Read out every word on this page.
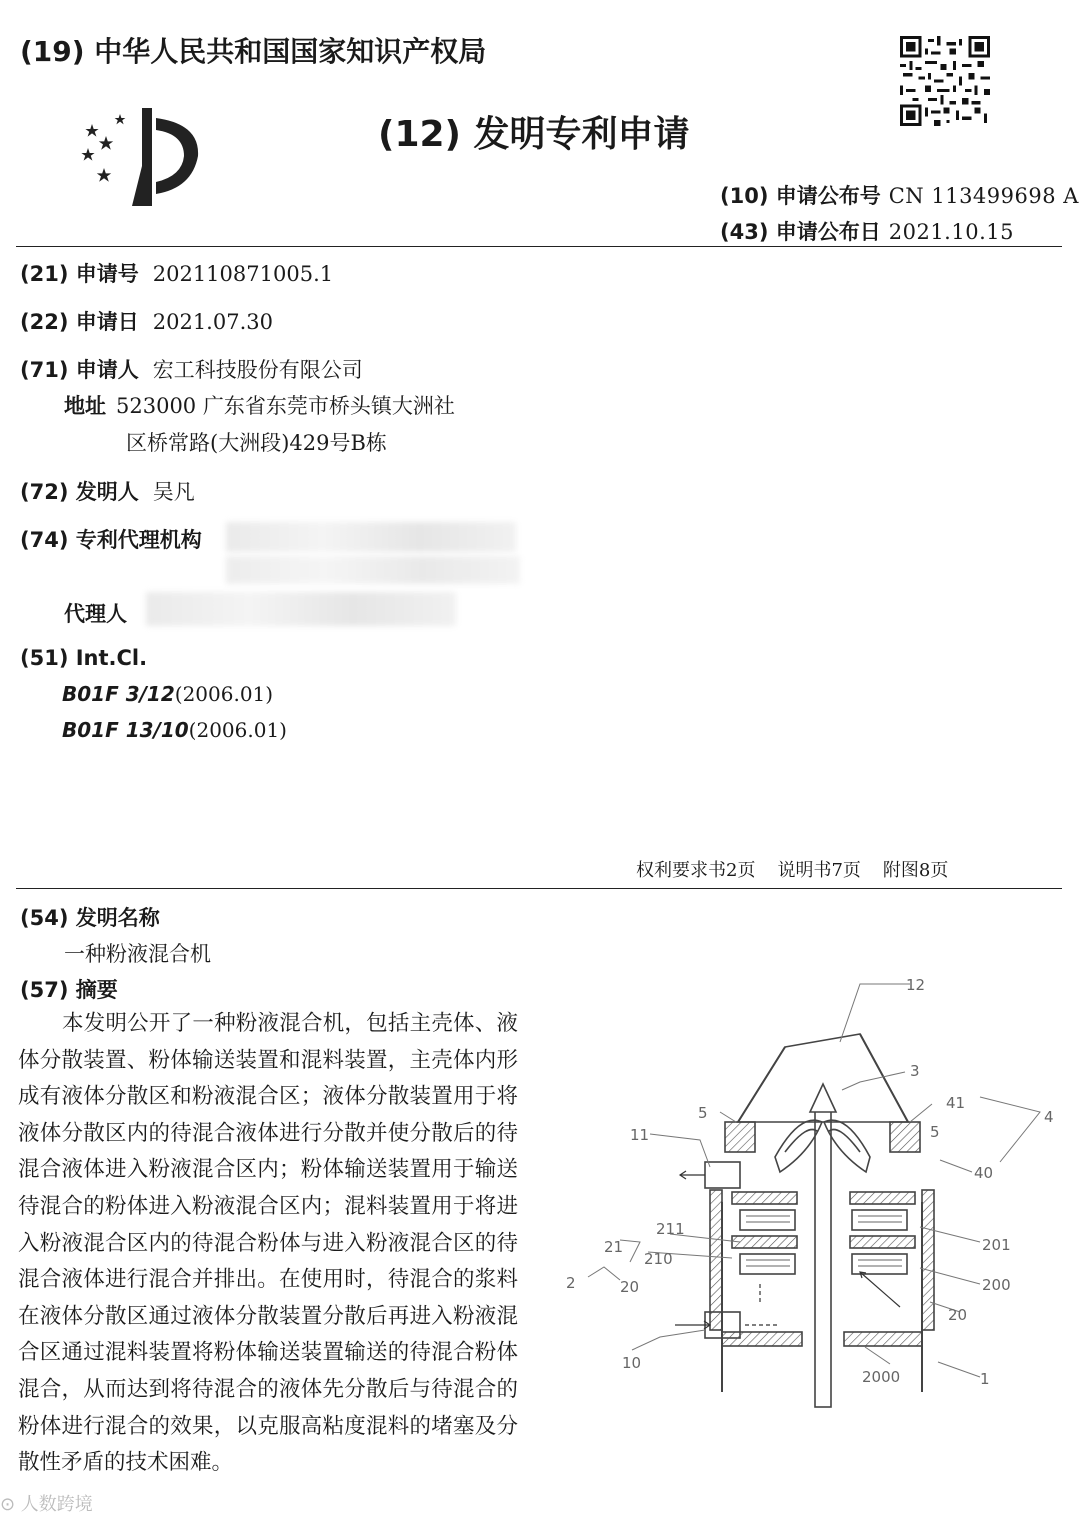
(19) 中华人民共和国国家知识产权局
(12) 发明专利申请
(10) 申请公布号 CN 113499698 A
(43) 申请公布日 2021.10.15
(21) 申请号 202110871005.1
(22) 申请日 2021.07.30
(71) 申请人 宏工科技股份有限公司
地址 523000 广东省东莞市桥头镇大洲社
区桥常路(大洲段)429号B栋
(72) 发明人 吴凡
(74) 专利代理机构
代理人
(51) Int.Cl.
B01F 3/12(2006.01)
B01F 13/10(2006.01)
权利要求书2页 说明书7页 附图8页
(54) 发明名称
一种粉液混合机
(57) 摘要
本发明公开了一种粉液混合机，包括主壳体、液体分散装置、粉体输送装置和混料装置，主壳体内形成有液体分散区和粉液混合区；液体分散装置用于将液体分散区内的待混合液体进行分散并使分散后的待混合液体进入粉液混合区内；粉体输送装置用于输送待混合的粉体进入粉液混合区内；混料装置用于将进入粉液混合区内的待混合粉体与进入粉液混合区的待混合液体进行混合并排出。在使用时，待混合的浆料在液体分散区通过液体分散装置分散后再进入粉液混合区通过混料装置将粉体输送装置输送的待混合粉体混合，从而达到将待混合的液体先分散后与待混合的粉体进行混合的效果，以克服高粘度混料的堵塞及分散性矛盾的技术困难。
12
3
5
41
4
11	5
40
211
21
210
2	20
201
200
20
10
2000	1
⊙ 人数跨境
